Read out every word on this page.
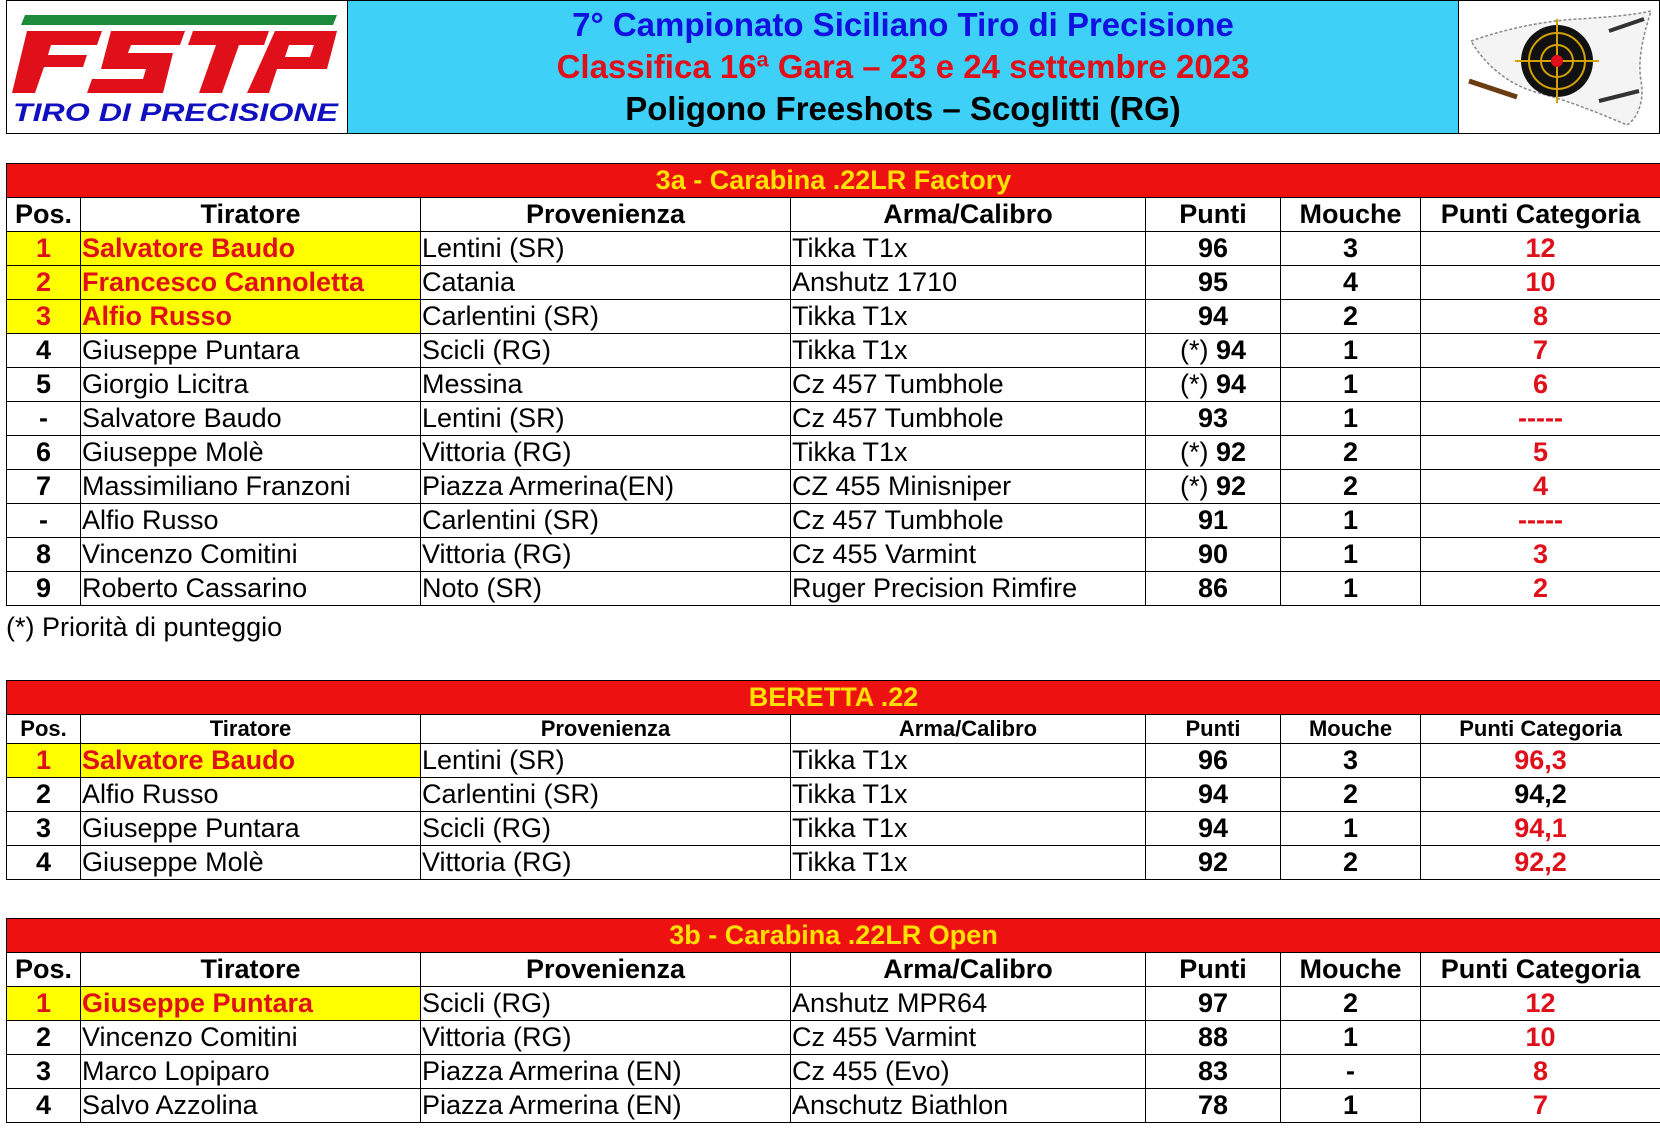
TIRO DI PRECISIONE
7° Campionato Siciliano Tiro di Precisione
Classifica 16ª Gara – 23 e 24 settembre 2023
Poligono Freeshots – Scoglitti (RG)
3a - Carabina .22LR Factory						
Pos.	Tiratore	Provenienza	Arma/Calibro	Punti	Mouche	Punti Categoria
1	Salvatore Baudo	Lentini (SR)	Tikka T1x	96	3	12
2	Francesco Cannoletta	Catania	Anshutz 1710	95	4	10
3	Alfio Russo	Carlentini (SR)	Tikka T1x	94	2	8
4	Giuseppe Puntara	Scicli (RG)	Tikka T1x	(*) 94	1	7
5	Giorgio Licitra	Messina	Cz 457 Tumbhole	(*) 94	1	6
-	Salvatore Baudo	Lentini (SR)	Cz 457 Tumbhole	93	1	-----
6	Giuseppe Molè	Vittoria (RG)	Tikka T1x	(*) 92	2	5
7	Massimiliano Franzoni	Piazza Armerina(EN)	CZ 455 Minisniper	(*) 92	2	4
-	Alfio Russo	Carlentini (SR)	Cz 457 Tumbhole	91	1	-----
8	Vincenzo Comitini	Vittoria (RG)	Cz 455 Varmint	90	1	3
9	Roberto Cassarino	Noto (SR)	Ruger Precision Rimfire	86	1	2
(*) Priorità di punteggio
BERETTA .22						
Pos.	Tiratore	Provenienza	Arma/Calibro	Punti	Mouche	Punti Categoria
1	Salvatore Baudo	Lentini (SR)	Tikka T1x	96	3	96,3
2	Alfio Russo	Carlentini (SR)	Tikka T1x	94	2	94,2
3	Giuseppe Puntara	Scicli (RG)	Tikka T1x	94	1	94,1
4	Giuseppe Molè	Vittoria (RG)	Tikka T1x	92	2	92,2
3b - Carabina .22LR Open						
Pos.	Tiratore	Provenienza	Arma/Calibro	Punti	Mouche	Punti Categoria
1	Giuseppe Puntara	Scicli (RG)	Anshutz MPR64	97	2	12
2	Vincenzo Comitini	Vittoria (RG)	Cz 455 Varmint	88	1	10
3	Marco Lopiparo	Piazza Armerina (EN)	Cz 455 (Evo)	83	-	8
4	Salvo Azzolina	Piazza Armerina (EN)	Anschutz Biathlon	78	1	7
